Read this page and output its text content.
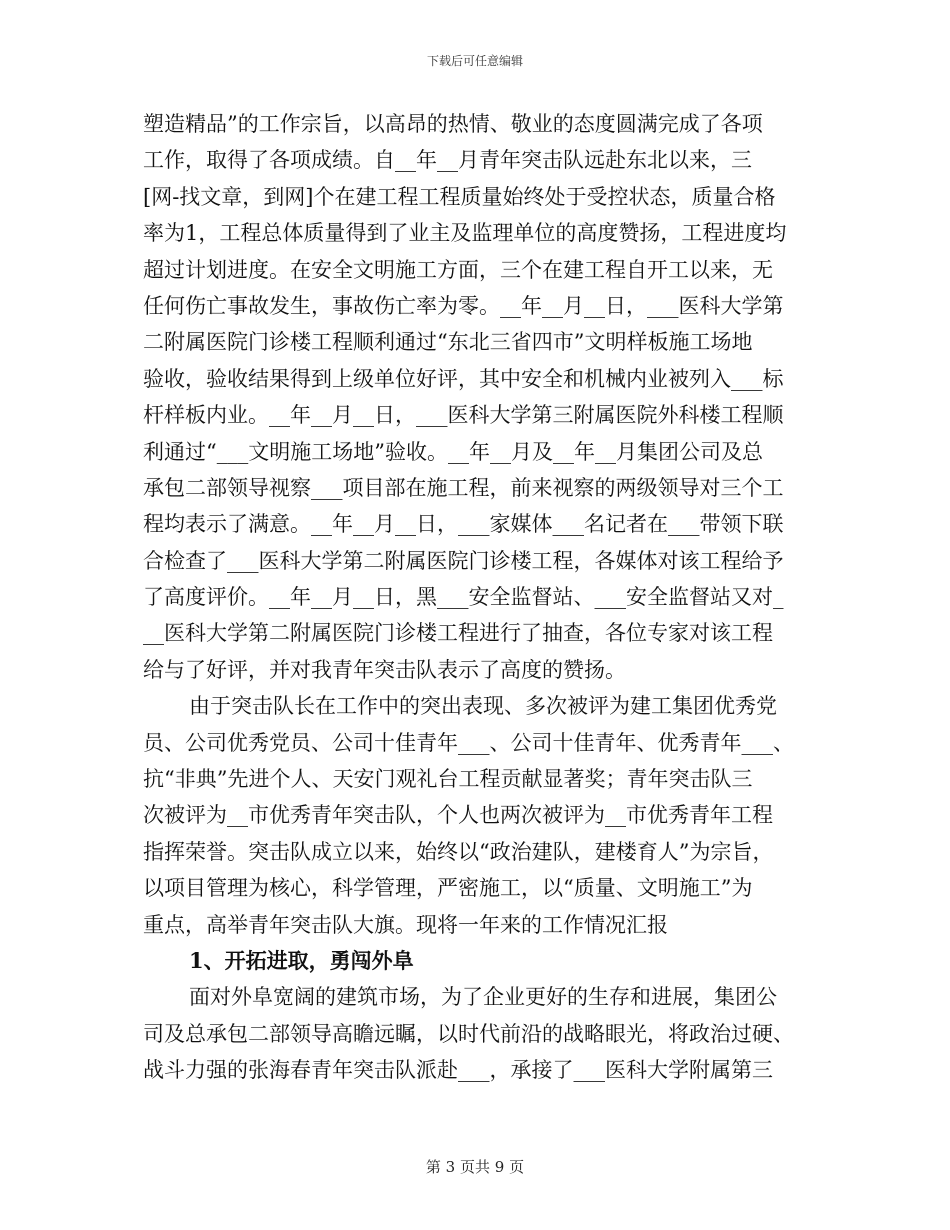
下载后可任意编辑
塑造精品”的工作宗旨，以高昂的热情、敬业的态度圆满完成了各项
工作，取得了各项成绩。自__年__月青年突击队远赴东北以来，三
[网-找文章，到网]个在建工程工程质量始终处于受控状态，质量合格
率为1，工程总体质量得到了业主及监理单位的高度赞扬，工程进度均
超过计划进度。在安全文明施工方面，三个在建工程自开工以来，无
任何伤亡事故发生，事故伤亡率为零。__年__月__日，___医科大学第
二附属医院门诊楼工程顺利通过“东北三省四市”文明样板施工场地
验收，验收结果得到上级单位好评，其中安全和机械内业被列入___标
杆样板内业。__年__月__日，___医科大学第三附属医院外科楼工程顺
利通过“___文明施工场地”验收。__年__月及__年__月集团公司及总
承包二部领导视察___项目部在施工程，前来视察的两级领导对三个工
程均表示了满意。__年__月__日，___家媒体___名记者在___带领下联
合检查了___医科大学第二附属医院门诊楼工程，各媒体对该工程给予
了高度评价。__年__月__日，黑___安全监督站、___安全监督站又对_
__医科大学第二附属医院门诊楼工程进行了抽查，各位专家对该工程
给与了好评，并对我青年突击队表示了高度的赞扬。
由于突击队长在工作中的突出表现、多次被评为建工集团优秀党
员、公司优秀党员、公司十佳青年___、公司十佳青年、优秀青年___、
抗“非典”先进个人、天安门观礼台工程贡献显著奖；青年突击队三
次被评为__市优秀青年突击队，个人也两次被评为__市优秀青年工程
指挥荣誉。突击队成立以来，始终以“政治建队，建楼育人”为宗旨，
以项目管理为核心，科学管理，严密施工，以“质量、文明施工”为
重点，高举青年突击队大旗。现将一年来的工作情况汇报
1、开拓进取，勇闯外阜
面对外阜宽阔的建筑市场，为了企业更好的生存和进展，集团公
司及总承包二部领导高瞻远瞩，以时代前沿的战略眼光，将政治过硬、
战斗力强的张海春青年突击队派赴___，承接了___医科大学附属第三
第 3 页共 9 页
